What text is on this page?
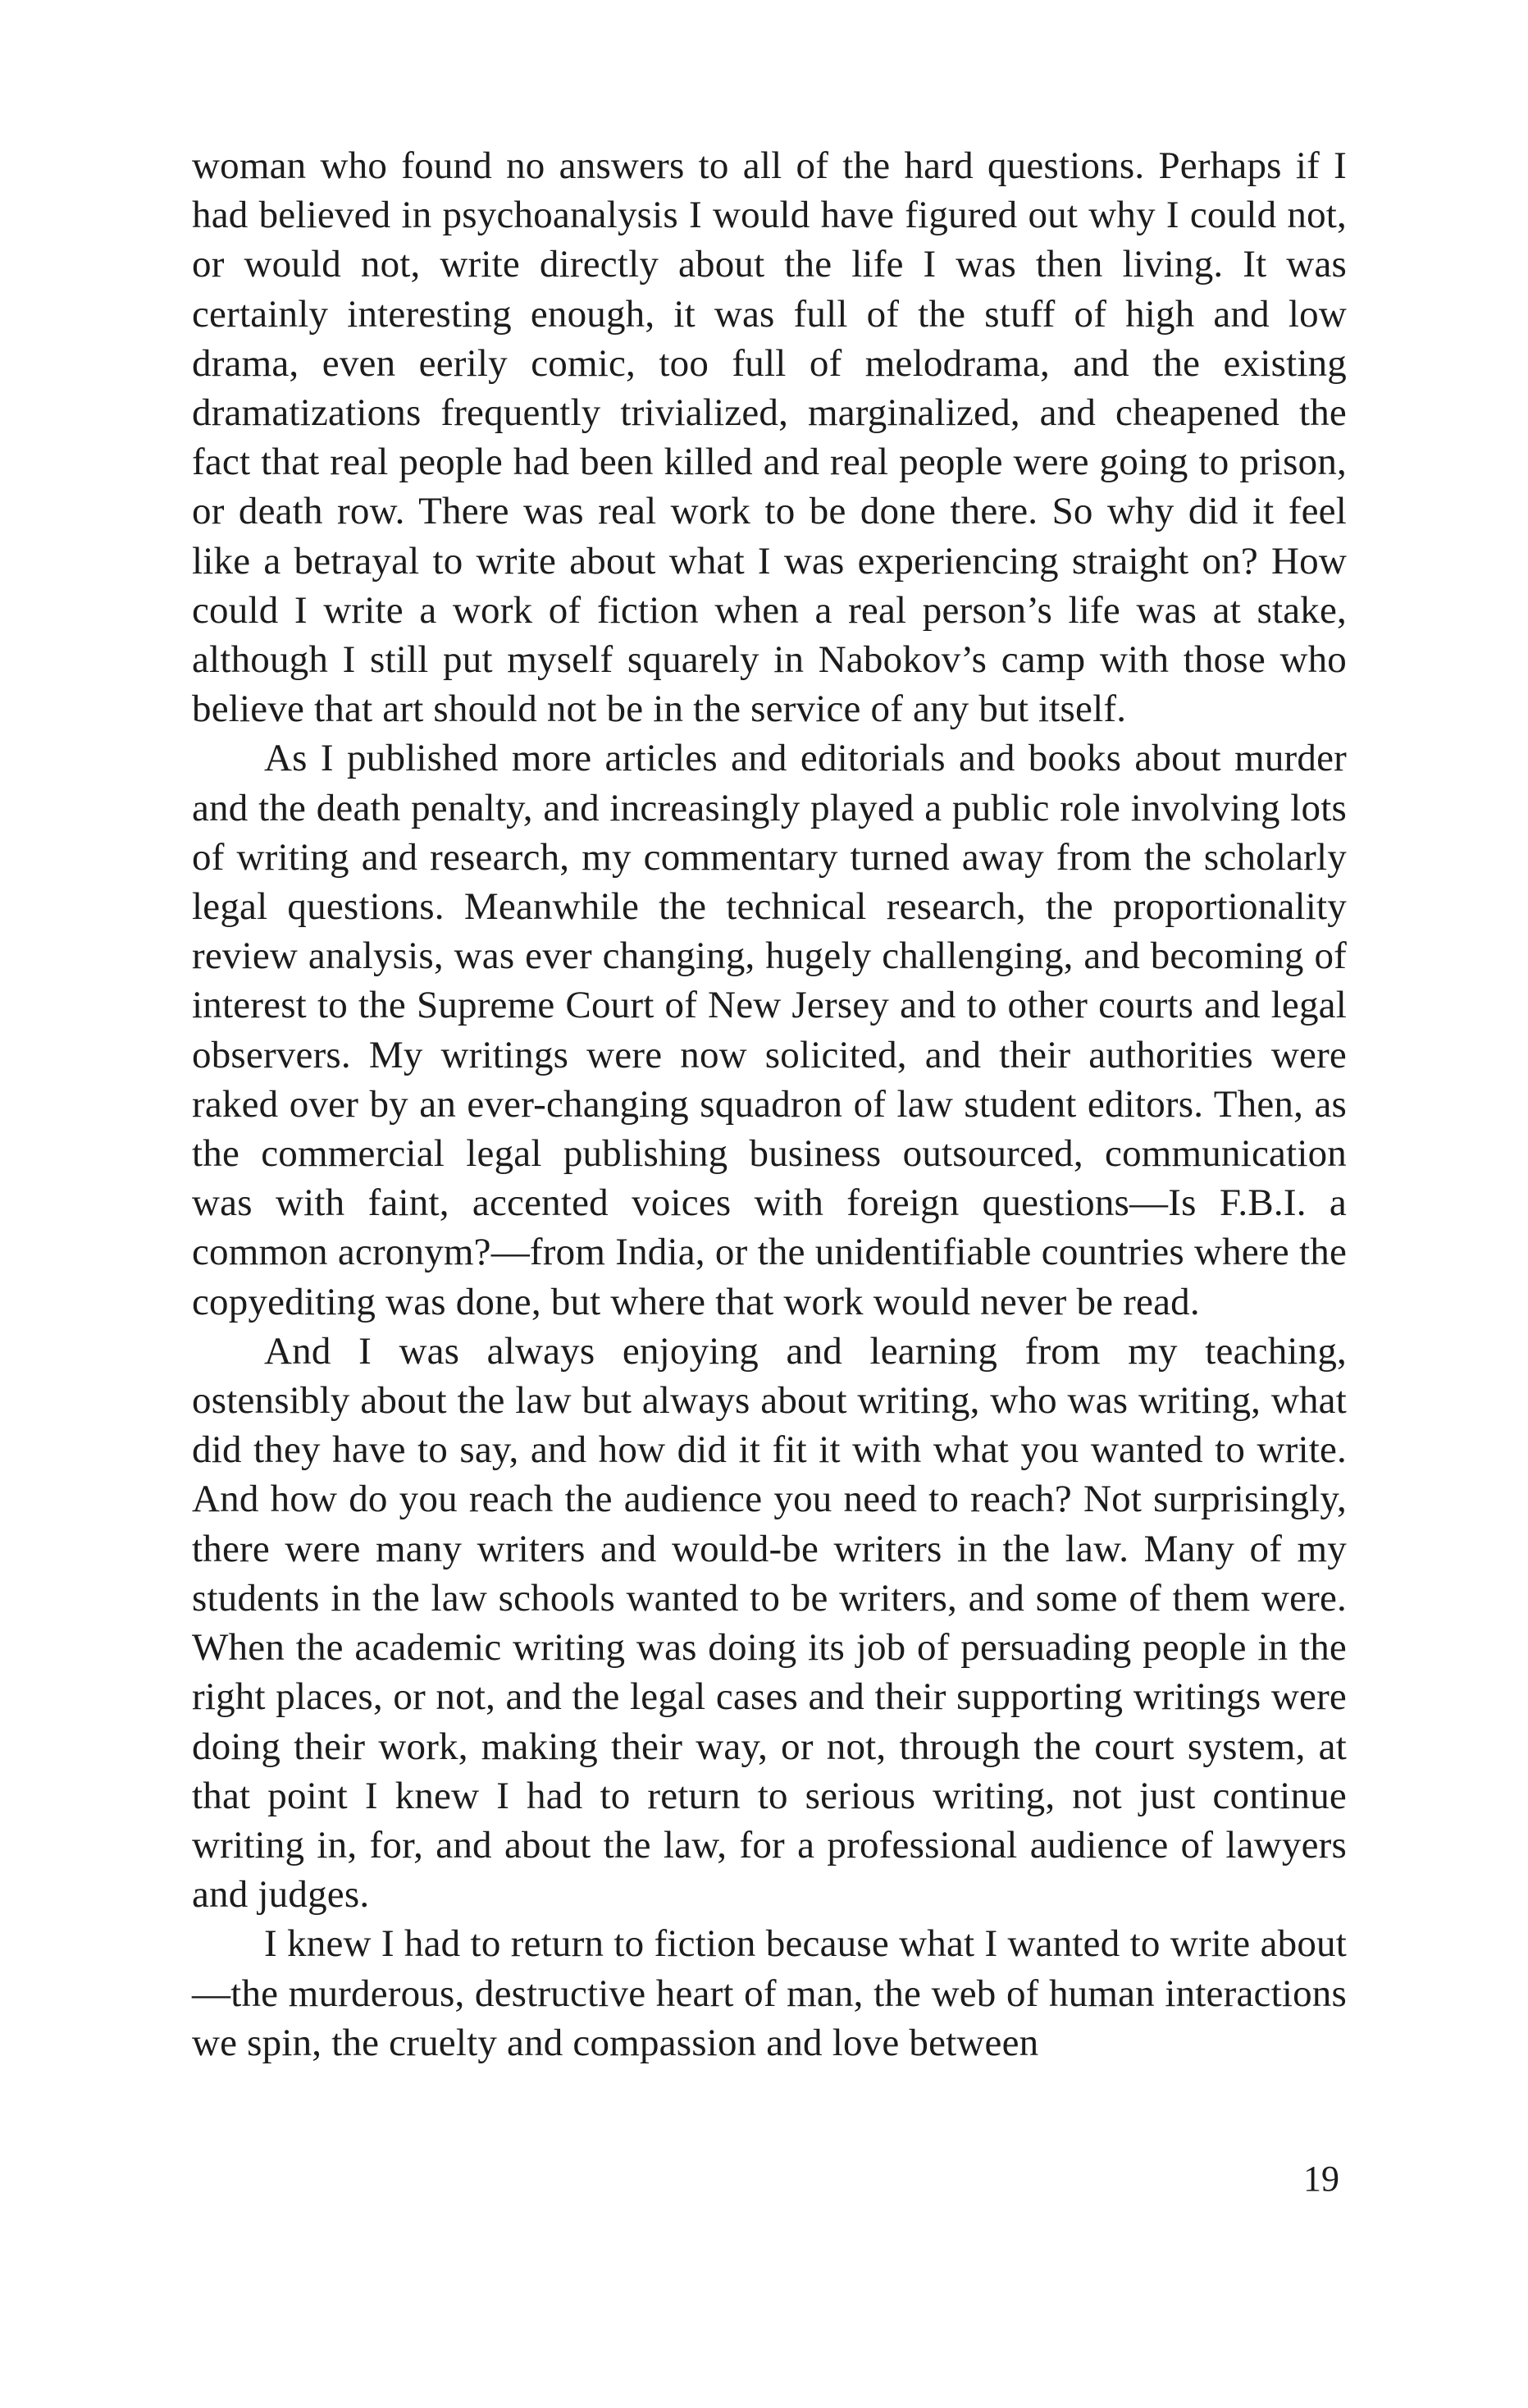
woman who found no answers to all of the hard questions. Perhaps if I had believed in psychoanalysis I would have figured out why I could not, or would not, write directly about the life I was then living. It was certainly interesting enough, it was full of the stuff of high and low drama, even eerily comic, too full of melodrama, and the existing dramatizations frequently trivialized, marginalized, and cheapened the fact that real people had been killed and real people were going to prison, or death row. There was real work to be done there. So why did it feel like a betrayal to write about what I was experiencing straight on? How could I write a work of fiction when a real person’s life was at stake, although I still put myself squarely in Nabokov’s camp with those who believe that art should not be in the service of any but itself.

As I published more articles and editorials and books about murder and the death penalty, and increasingly played a public role involving lots of writing and research, my commentary turned away from the scholarly legal questions. Meanwhile the technical research, the proportionality review analysis, was ever changing, hugely challenging, and becoming of interest to the Supreme Court of New Jersey and to other courts and legal observers. My writings were now solicited, and their authorities were raked over by an ever-changing squadron of law student editors. Then, as the commercial legal publishing business outsourced, communication was with faint, accented voices with foreign questions—Is F.B.I. a common acronym?—from India, or the unidentifiable countries where the copyediting was done, but where that work would never be read.

And I was always enjoying and learning from my teaching, ostensibly about the law but always about writing, who was writing, what did they have to say, and how did it fit it with what you wanted to write. And how do you reach the audience you need to reach? Not surprisingly, there were many writers and would-be writers in the law. Many of my students in the law schools wanted to be writers, and some of them were. When the academic writing was doing its job of persuading people in the right places, or not, and the legal cases and their supporting writings were doing their work, making their way, or not, through the court system, at that point I knew I had to return to serious writing, not just continue writing in, for, and about the law, for a professional audience of lawyers and judges.

I knew I had to return to fiction because what I wanted to write about—the murderous, destructive heart of man, the web of human interactions we spin, the cruelty and compassion and love between

19
